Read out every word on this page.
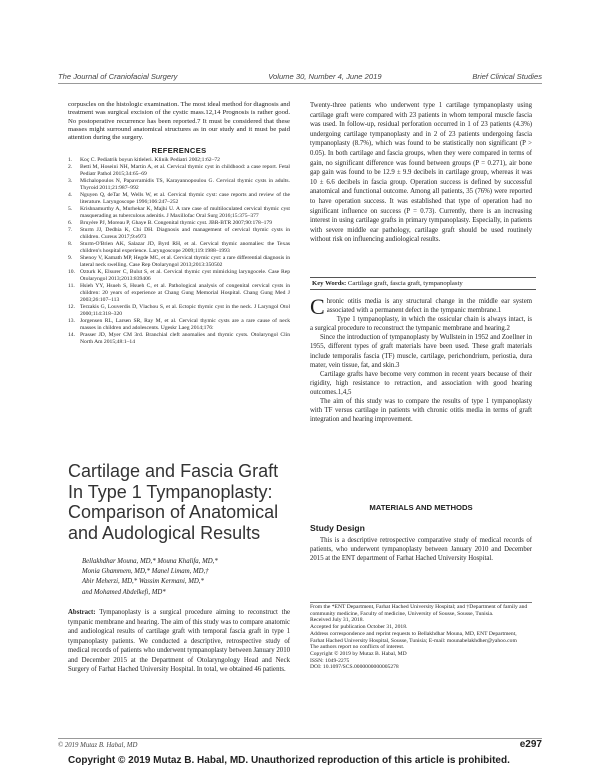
The Journal of Craniofacial Surgery	Volume 30, Number 4, June 2019	Brief Clinical Studies

corpuscles on the histologic examination. The most ideal method for diagnosis and treatment was surgical excision of the cystic mass.12,14 Prognosis is rather good. No postoperative recurrence has been reported.7 It must be considered that these masses might surround anatomical structures as in our study and it must be paid attention during the surgery.

REFERENCES
1. Koç C. Pediatrik boyun kitleleri. Klinik Pediatri 2002;1:62–72
2. Betti M, Hoseini NH, Martin A, et al. Cervical thymic cyst in childhood: a case report. Fetal Pediatr Pathol 2015;34:65–69
3. Michalopoulos N, Papavramidis TS, Karayannopoulou G. Cervical thymic cysts in adults. Thyroid 2011;21:987–992
4. Nguyen Q, deTar M, Wells W, et al. Cervical thymic cyst: case reports and review of the literature. Laryngoscope 1996;106:247–252
5. Krishnamurthy A, Murhekar K, Majhi U. A rare case of multiloculated cervical thymic cyst masquerading as tuberculous adenitis. J Maxillofac Oral Surg 2016;15:375–377
6. Bruyère PJ, Moreau P, Ghaye B. Congenital thymic cyst. JBR-BTR 2007;90:178–179
7. Sturm JJ, Dedhia K, Chi DH. Diagnosis and management of cervical thymic cysts in children. Cureus 2017;9:e973
8. Sturm-O'Brien AK, Salazar JD, Byrd RH, et al. Cervical thymic anomalies: the Texas children's hospital experience. Laryngoscope 2009;119:1988–1993
9. Shenoy V, Kamath MP, Hegde MC, et al. Cervical thymic cyst: a rare differential diagnosis in lateral neck swelling. Case Rep Otolaryngol 2013;2013:350502
10. Ozturk K, Elsurer C, Bulut S, et al. Cervical thymic cyst mimicking laryngocele. Case Rep Otolaryngol 2013;2013:839406
11. Hsieh YY, Hsueh S, Hsueh C, et al. Pathological analysis of congenital cervical cysts in children: 20 years of experience at Chang Gung Memorial Hospital. Chang Gung Med J 2003;26:107–113
12. Terzakis G, Louverdis D, Vlachou S, et al. Ectopic thymic cyst in the neck. J Laryngol Otol 2000;114:318–320
13. Jorgensen RL, Larsen SR, Ray M, et al. Cervical thymic cysts are a rare cause of neck masses in children and adolescents. Ugeskr Laeg 2014;176:
14. Prasser JD, Myer CM 3rd. Branchial cleft anomalies and thymic cysts. Otolaryngol Clin North Am 2015;48:1–14
Cartilage and Fascia Graft In Type 1 Tympanoplasty: Comparison of Anatomical and Audological Results
Bellakhdhar Mouna, MD,* Mouna Khalifa, MD,*
Monia Ghammem, MD,* Manel Limam, MD,†
Abir Meherzi, MD,* Wassim Kermani, MD,*
and Mohamed Abdelkefi, MD*

Abstract: Tympanoplasty is a surgical procedure aiming to reconstruct the tympanic membrane and hearing. The aim of this study was to compare anatomic and audiological results of cartilage graft with temporal fascia graft in type 1 tympanoplasty patients. We conducted a descriptive, retrospective study of medical records of patients who underwent tympanoplasty between January 2010 and December 2015 at the Department of Otolaryngology Head and Neck Surgery of Farhat Hached University Hospital. In total, we obtained 46 patients.

Twenty-three patients who underwent type 1 cartilage tympanoplasty using cartilage graft were compared with 23 patients in whom temporal muscle fascia was used. In follow-up, residual perforation occurred in 1 of 23 patients (4.3%) undergoing cartilage tympanoplasty and in 2 of 23 patients undergoing fascia tympanoplasty (8.7%), which was found to be statistically non significant (P > 0.05). In both cartilage and fascia groups, when they were compared in terms of gain, no significant difference was found between groups (P = 0.271), air bone gap gain was found to be 12.9 ± 9.9 decibels in cartilage group, whereas it was 10 ± 6.6 decibels in fascia group. Operation success is defined by successful anatomical and functional outcome. Among all patients, 35 (76%) were reported to have operation success. It was established that type of operation had no significant influence on success (P = 0.73). Currently, there is an increasing interest in using cartilage grafts in primary tympanoplasty. Especially, in patients with severe middle ear pathology, cartilage graft should be used routinely without risk on influencing audiological results.

Key Words: Cartilage graft, fascia graft, tympanoplasty

Chronic otitis media is any structural change in the middle ear system associated with a permanent defect in the tympanic membrane.1

Type 1 tympanoplasty, in which the ossicular chain is always intact, is a surgical procedure to reconstruct the tympanic membrane and hearing.2

Since the introduction of tympanoplasty by Wullstein in 1952 and Zoellner in 1955, different types of graft materials have been used. These graft materials include temporalis fascia (TF) muscle, cartilage, perichondrium, periostia, dura mater, vein tissue, fat, and skin.3

Cartilage grafts have become very common in recent years because of their rigidity, high resistance to retraction, and association with good hearing outcomes.1,4,5

The aim of this study was to compare the results of type 1 tympanoplasty with TF versus cartilage in patients with chronic otitis media in terms of graft integration and hearing improvement.

MATERIALS AND METHODS
Study Design

This is a descriptive retrospective comparative study of medical records of patients, who underwent tympanoplasty between January 2010 and December 2015 at the ENT department of Farhat Hached University Hospital.

From the *ENT Department, Farhat Hached University Hospital; and †Department of family and community medicine, Faculty of medicine, University of Sousse, Sousse, Tunisia.
Received July 31, 2018.
Accepted for publication October 31, 2018.
Address correspondence and reprint requests to Bellakhdhar Mouna, MD, ENT Department, Farhat Hached University Hospital, Sousse, Tunisia; E-mail: mounabelakhdher@yahoo.com
The authors report no conflicts of interest.
Copyright © 2019 by Mutaz B. Habal, MD
ISSN: 1049-2275
DOI: 10.1097/SCS.0000000000005278
© 2019 Mutaz B. Habal, MD	e297
Copyright © 2019 Mutaz B. Habal, MD. Unauthorized reproduction of this article is prohibited.
